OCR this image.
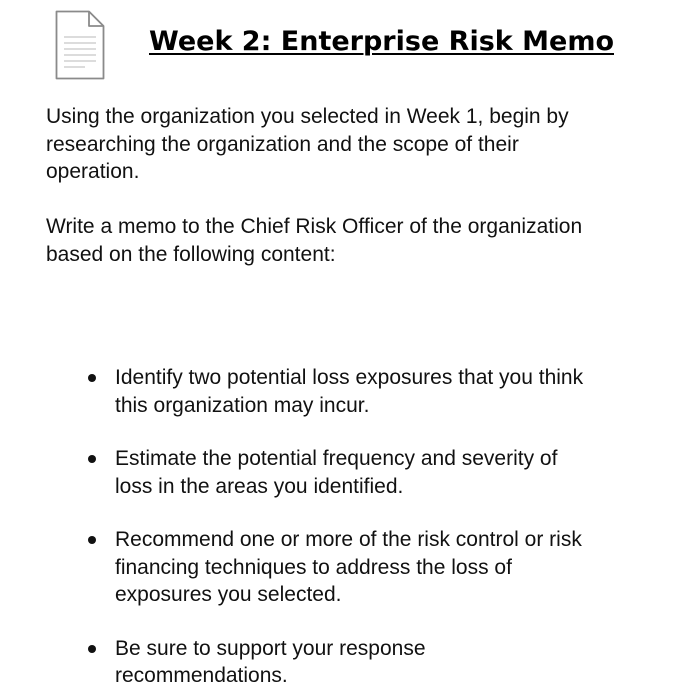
Week 2: Enterprise Risk Memo

Using the organization you selected in Week 1, begin by researching the organization and the scope of their operation.

Write a memo to the Chief Risk Officer of the organization based on the following content:

Identify two potential loss exposures that you think this organization may incur.
Estimate the potential frequency and severity of loss in the areas you identified.
Recommend one or more of the risk control or risk financing techniques to address the loss of exposures you selected.
Be sure to support your response recommendations.
